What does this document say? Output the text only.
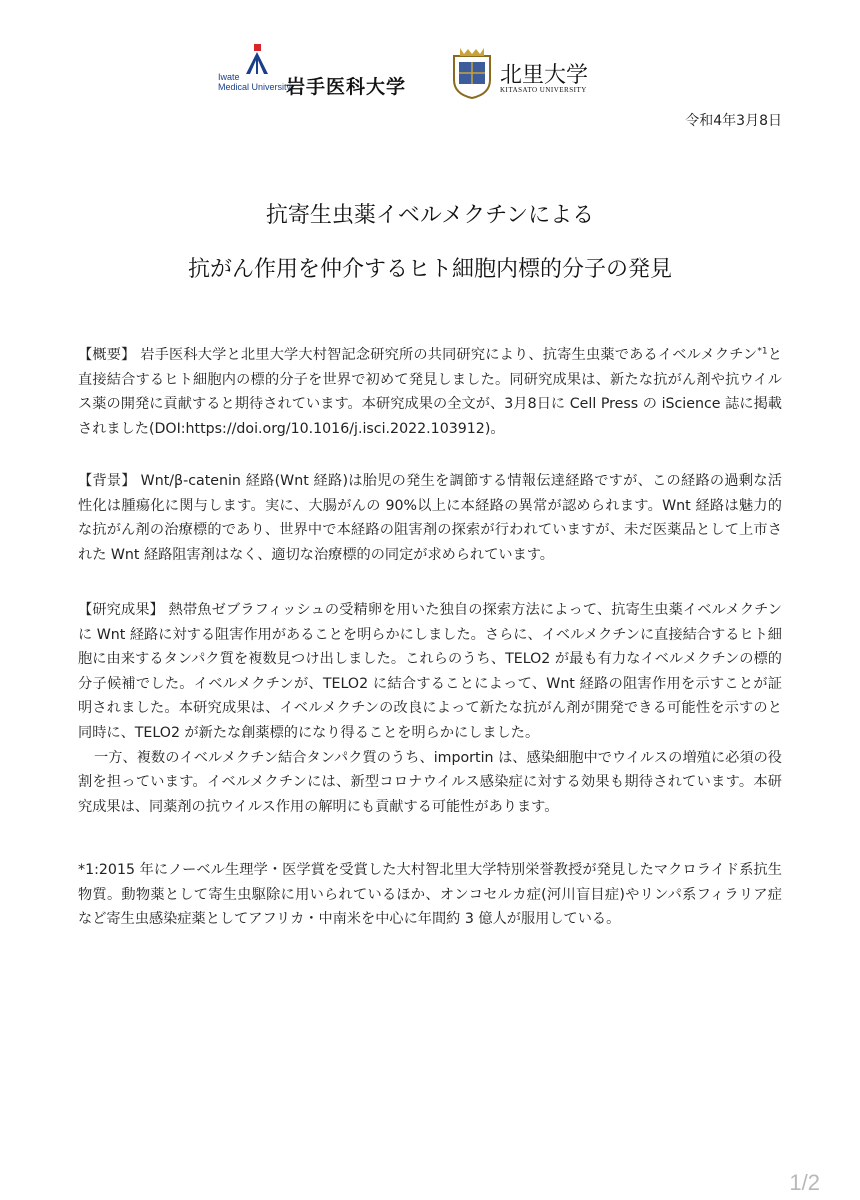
Iwate
Medical University
岩手医科大学	北里大学
KITASATO UNIVERSITY
令和4年3月8日
抗寄生虫薬イベルメクチンによる
抗がん作用を仲介するヒト細胞内標的分子の発見
【概要】 岩手医科大学と北里大学大村智記念研究所の共同研究により、抗寄生虫薬であるイベルメクチン$^{*1}$と直接結合するヒト細胞内の標的分子を世界で初めて発見しました。同研究成果は、新たな抗がん剤や抗ウイルス薬の開発に貢献すると期待されています。本研究成果の全文が、3月8日に Cell Press の iScience 誌に掲載されました(DOI:https://doi.org/10.1016/j.isci.2022.103912)。
【背景】 Wnt/β-catenin 経路(Wnt 経路)は胎児の発生を調節する情報伝達経路ですが、この経路の過剰な活性化は腫瘍化に関与します。実に、大腸がんの 90%以上に本経路の異常が認められます。Wnt 経路は魅力的な抗がん剤の治療標的であり、世界中で本経路の阻害剤の探索が行われていますが、未だ医薬品として上市された Wnt 経路阻害剤はなく、適切な治療標的の同定が求められています。
【研究成果】 熱帯魚ゼブラフィッシュの受精卵を用いた独自の探索方法によって、抗寄生虫薬イベルメクチンに Wnt 経路に対する阻害作用があることを明らかにしました。さらに、イベルメクチンに直接結合するヒト細胞に由来するタンパク質を複数見つけ出しました。これらのうち、TELO2 が最も有力なイベルメクチンの標的分子候補でした。イベルメクチンが、TELO2 に結合することによって、Wnt 経路の阻害作用を示すことが証明されました。本研究成果は、イベルメクチンの改良によって新たな抗がん剤が開発できる可能性を示すのと同時に、TELO2 が新たな創薬標的になり得ることを明らかにしました。
一方、複数のイベルメクチン結合タンパク質のうち、importin は、感染細胞中でウイルスの増殖に必須の役割を担っています。イベルメクチンには、新型コロナウイルス感染症に対する効果も期待されています。本研究成果は、同薬剤の抗ウイルス作用の解明にも貢献する可能性があります。
*1:2015 年にノーベル生理学・医学賞を受賞した大村智北里大学特別栄誉教授が発見したマクロライド系抗生物質。動物薬として寄生虫駆除に用いられているほか、オンコセルカ症(河川盲目症)やリンパ系フィラリア症など寄生虫感染症薬としてアフリカ・中南米を中心に年間約 3 億人が服用している。
1/2
